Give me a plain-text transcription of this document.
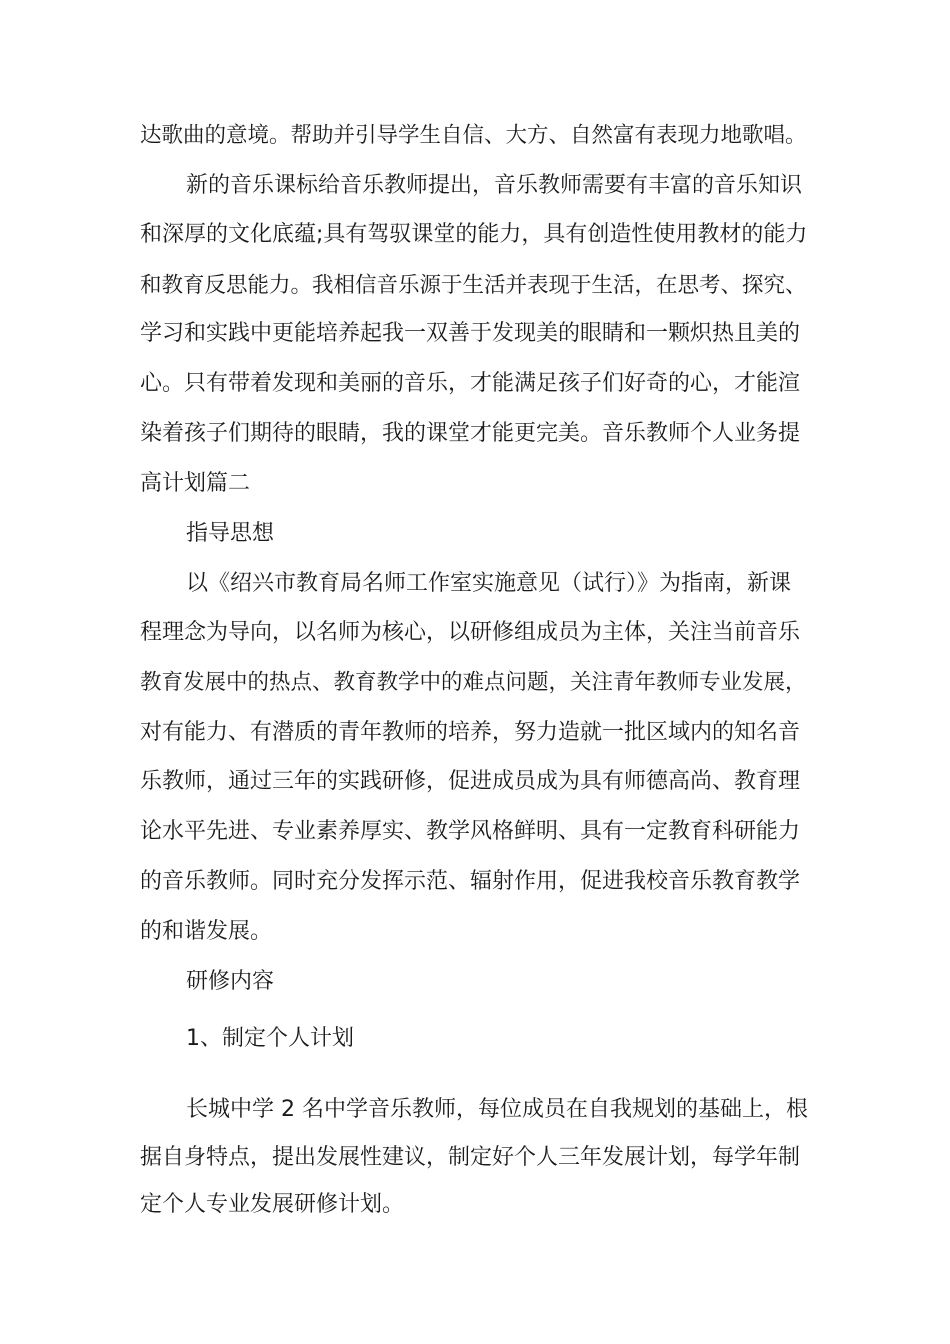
达歌曲的意境。帮助并引导学生自信、大方、自然富有表现力地歌唱。

新的音乐课标给音乐教师提出，音乐教师需要有丰富的音乐知识

和深厚的文化底蕴;具有驾驭课堂的能力，具有创造性使用教材的能力

和教育反思能力。我相信音乐源于生活并表现于生活，在思考、探究、

学习和实践中更能培养起我一双善于发现美的眼睛和一颗炽热且美的

心。只有带着发现和美丽的音乐，才能满足孩子们好奇的心，才能渲

染着孩子们期待的眼睛，我的课堂才能更完美。音乐教师个人业务提

高计划篇二

指导思想

以《绍兴市教育局名师工作室实施意见（试行）》为指南，新课

程理念为导向，以名师为核心，以研修组成员为主体，关注当前音乐

教育发展中的热点、教育教学中的难点问题，关注青年教师专业发展，

对有能力、有潜质的青年教师的培养，努力造就一批区域内的知名音

乐教师，通过三年的实践研修，促进成员成为具有师德高尚、教育理

论水平先进、专业素养厚实、教学风格鲜明、具有一定教育科研能力

的音乐教师。同时充分发挥示范、辐射作用，促进我校音乐教育教学

的和谐发展。

研修内容

1、制定个人计划

长城中学 2 名中学音乐教师，每位成员在自我规划的基础上，根

据自身特点，提出发展性建议，制定好个人三年发展计划，每学年制

定个人专业发展研修计划。
